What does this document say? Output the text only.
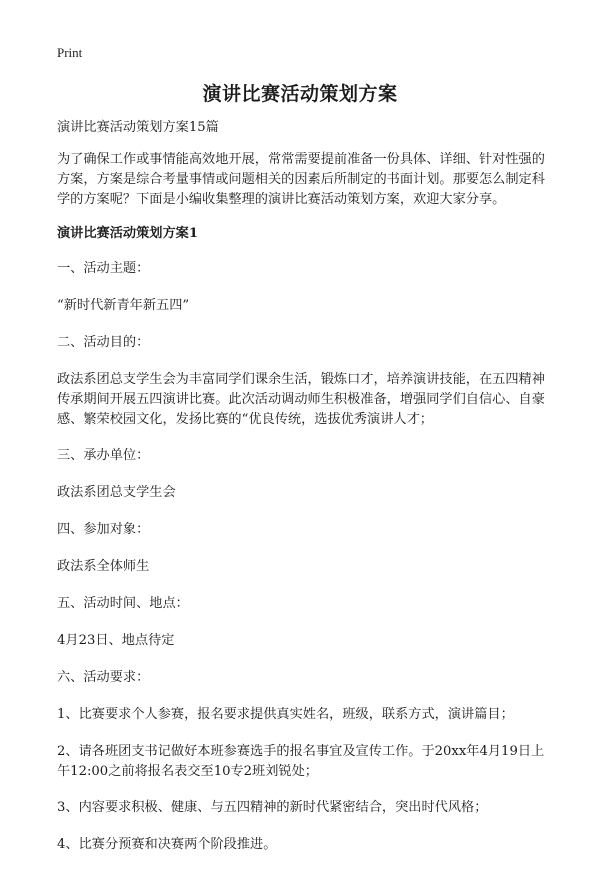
Print
演讲比赛活动策划方案

演讲比赛活动策划方案15篇

为了确保工作或事情能高效地开展，常常需要提前准备一份具体、详细、针对性强的方案，方案是综合考量事情或问题相关的因素后所制定的书面计划。那要怎么制定科学的方案呢？下面是小编收集整理的演讲比赛活动策划方案，欢迎大家分享。

演讲比赛活动策划方案1

一、活动主题：

“新时代新青年新五四”

二、活动目的：

政法系团总支学生会为丰富同学们课余生活，锻炼口才，培养演讲技能，在五四精神传承期间开展五四演讲比赛。此次活动调动师生积极准备，增强同学们自信心、自豪感、繁荣校园文化，发扬比赛的“优良传统，选拔优秀演讲人才；

三、承办单位：

政法系团总支学生会

四、参加对象：

政法系全体师生

五、活动时间、地点：

4月23日、地点待定

六、活动要求：

1、比赛要求个人参赛，报名要求提供真实姓名，班级，联系方式，演讲篇目；

2、请各班团支书记做好本班参赛选手的报名事宜及宣传工作。于20xx年4月19日上午12:00之前将报名表交至10专2班刘锐处；

3、内容要求积极、健康、与五四精神的新时代紧密结合，突出时代风格；

4、比赛分预赛和决赛两个阶段推进。
